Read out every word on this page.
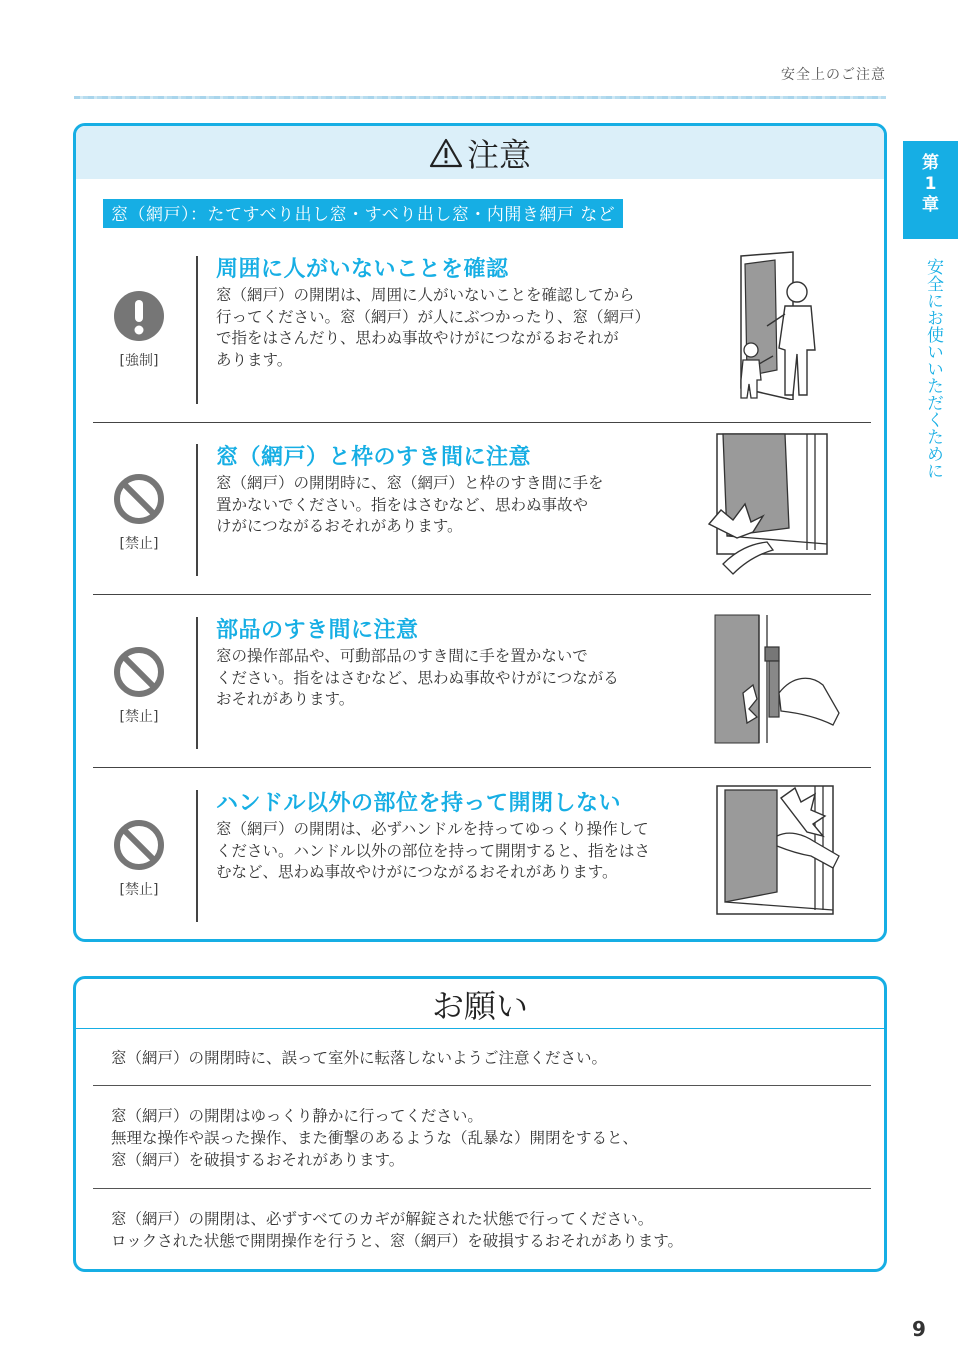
安全上のご注意
第
1
章
安全にお使いいただくために
注意
窓（網戸）：たてすべり出し窓・すべり出し窓・内開き網戸 など
[強制]
周囲に人がいないことを確認
窓（網戸）の開閉は、周囲に人がいないことを確認してから
行ってください。窓（網戸）が人にぶつかったり、窓（網戸）
で指をはさんだり、思わぬ事故やけがにつながるおそれが
あります。
[禁止]
窓（網戸）と枠のすき間に注意
窓（網戸）の開閉時に、窓（網戸）と枠のすき間に手を
置かないでください。指をはさむなど、思わぬ事故や
けがにつながるおそれがあります。
[禁止]
部品のすき間に注意
窓の操作部品や、可動部品のすき間に手を置かないで
ください。指をはさむなど、思わぬ事故やけがにつながる
おそれがあります。
[禁止]
ハンドル以外の部位を持って開閉しない
窓（網戸）の開閉は、必ずハンドルを持ってゆっくり操作して
ください。ハンドル以外の部位を持って開閉すると、指をはさ
むなど、思わぬ事故やけがにつながるおそれがあります。
お願い
窓（網戸）の開閉時に、誤って室外に転落しないようご注意ください。
窓（網戸）の開閉はゆっくり静かに行ってください。
無理な操作や誤った操作、また衝撃のあるような（乱暴な）開閉をすると、
窓（網戸）を破損するおそれがあります。
窓（網戸）の開閉は、必ずすべてのカギが解錠された状態で行ってください。
ロックされた状態で開閉操作を行うと、窓（網戸）を破損するおそれがあります。
9
